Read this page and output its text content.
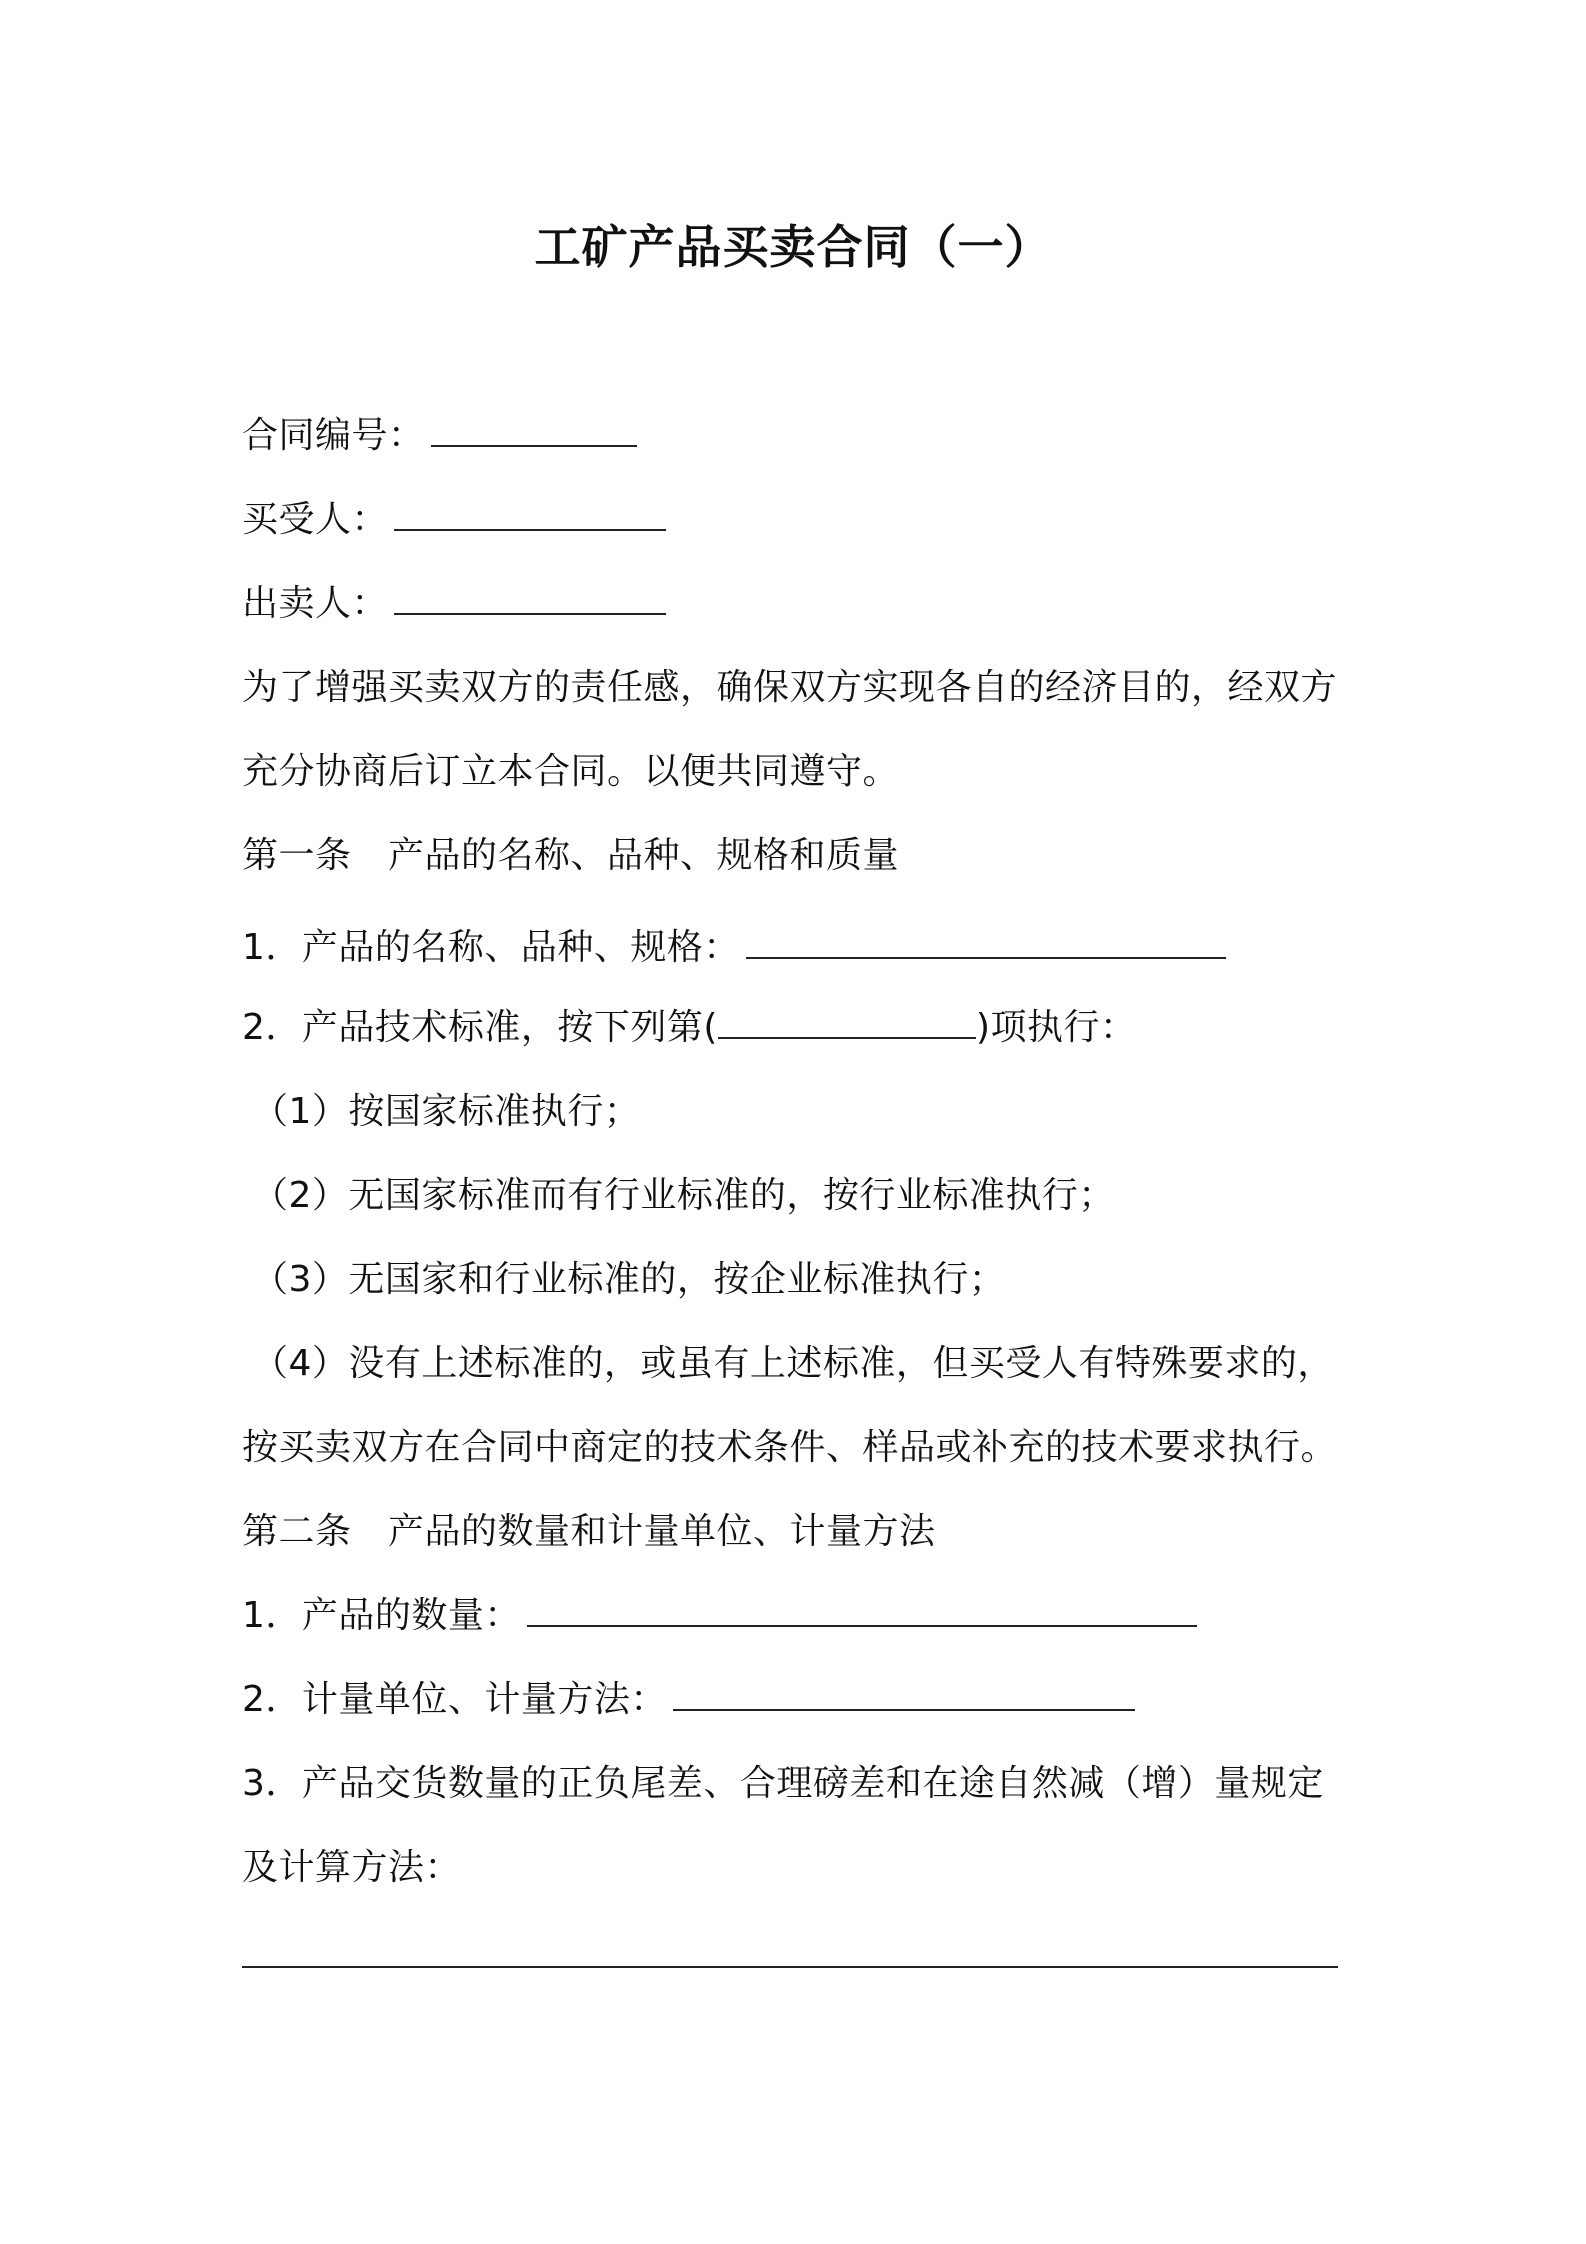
工矿产品买卖合同（一）
合同编号：
买受人：
出卖人：
为了增强买卖双方的责任感，确保双方实现各自的经济目的，经双方
充分协商后订立本合同。以便共同遵守。
第一条　产品的名称、品种、规格和质量
1．产品的名称、品种、规格：
2．产品技术标准，按下列第(	)项执行：
（1）按国家标准执行；
（2）无国家标准而有行业标准的，按行业标准执行；
（3）无国家和行业标准的，按企业标准执行；
（4）没有上述标准的，或虽有上述标准，但买受人有特殊要求的，
按买卖双方在合同中商定的技术条件、样品或补充的技术要求执行。
第二条　产品的数量和计量单位、计量方法
1．产品的数量：
2．计量单位、计量方法：
3．产品交货数量的正负尾差、合理磅差和在途自然减（增）量规定
及计算方法：
